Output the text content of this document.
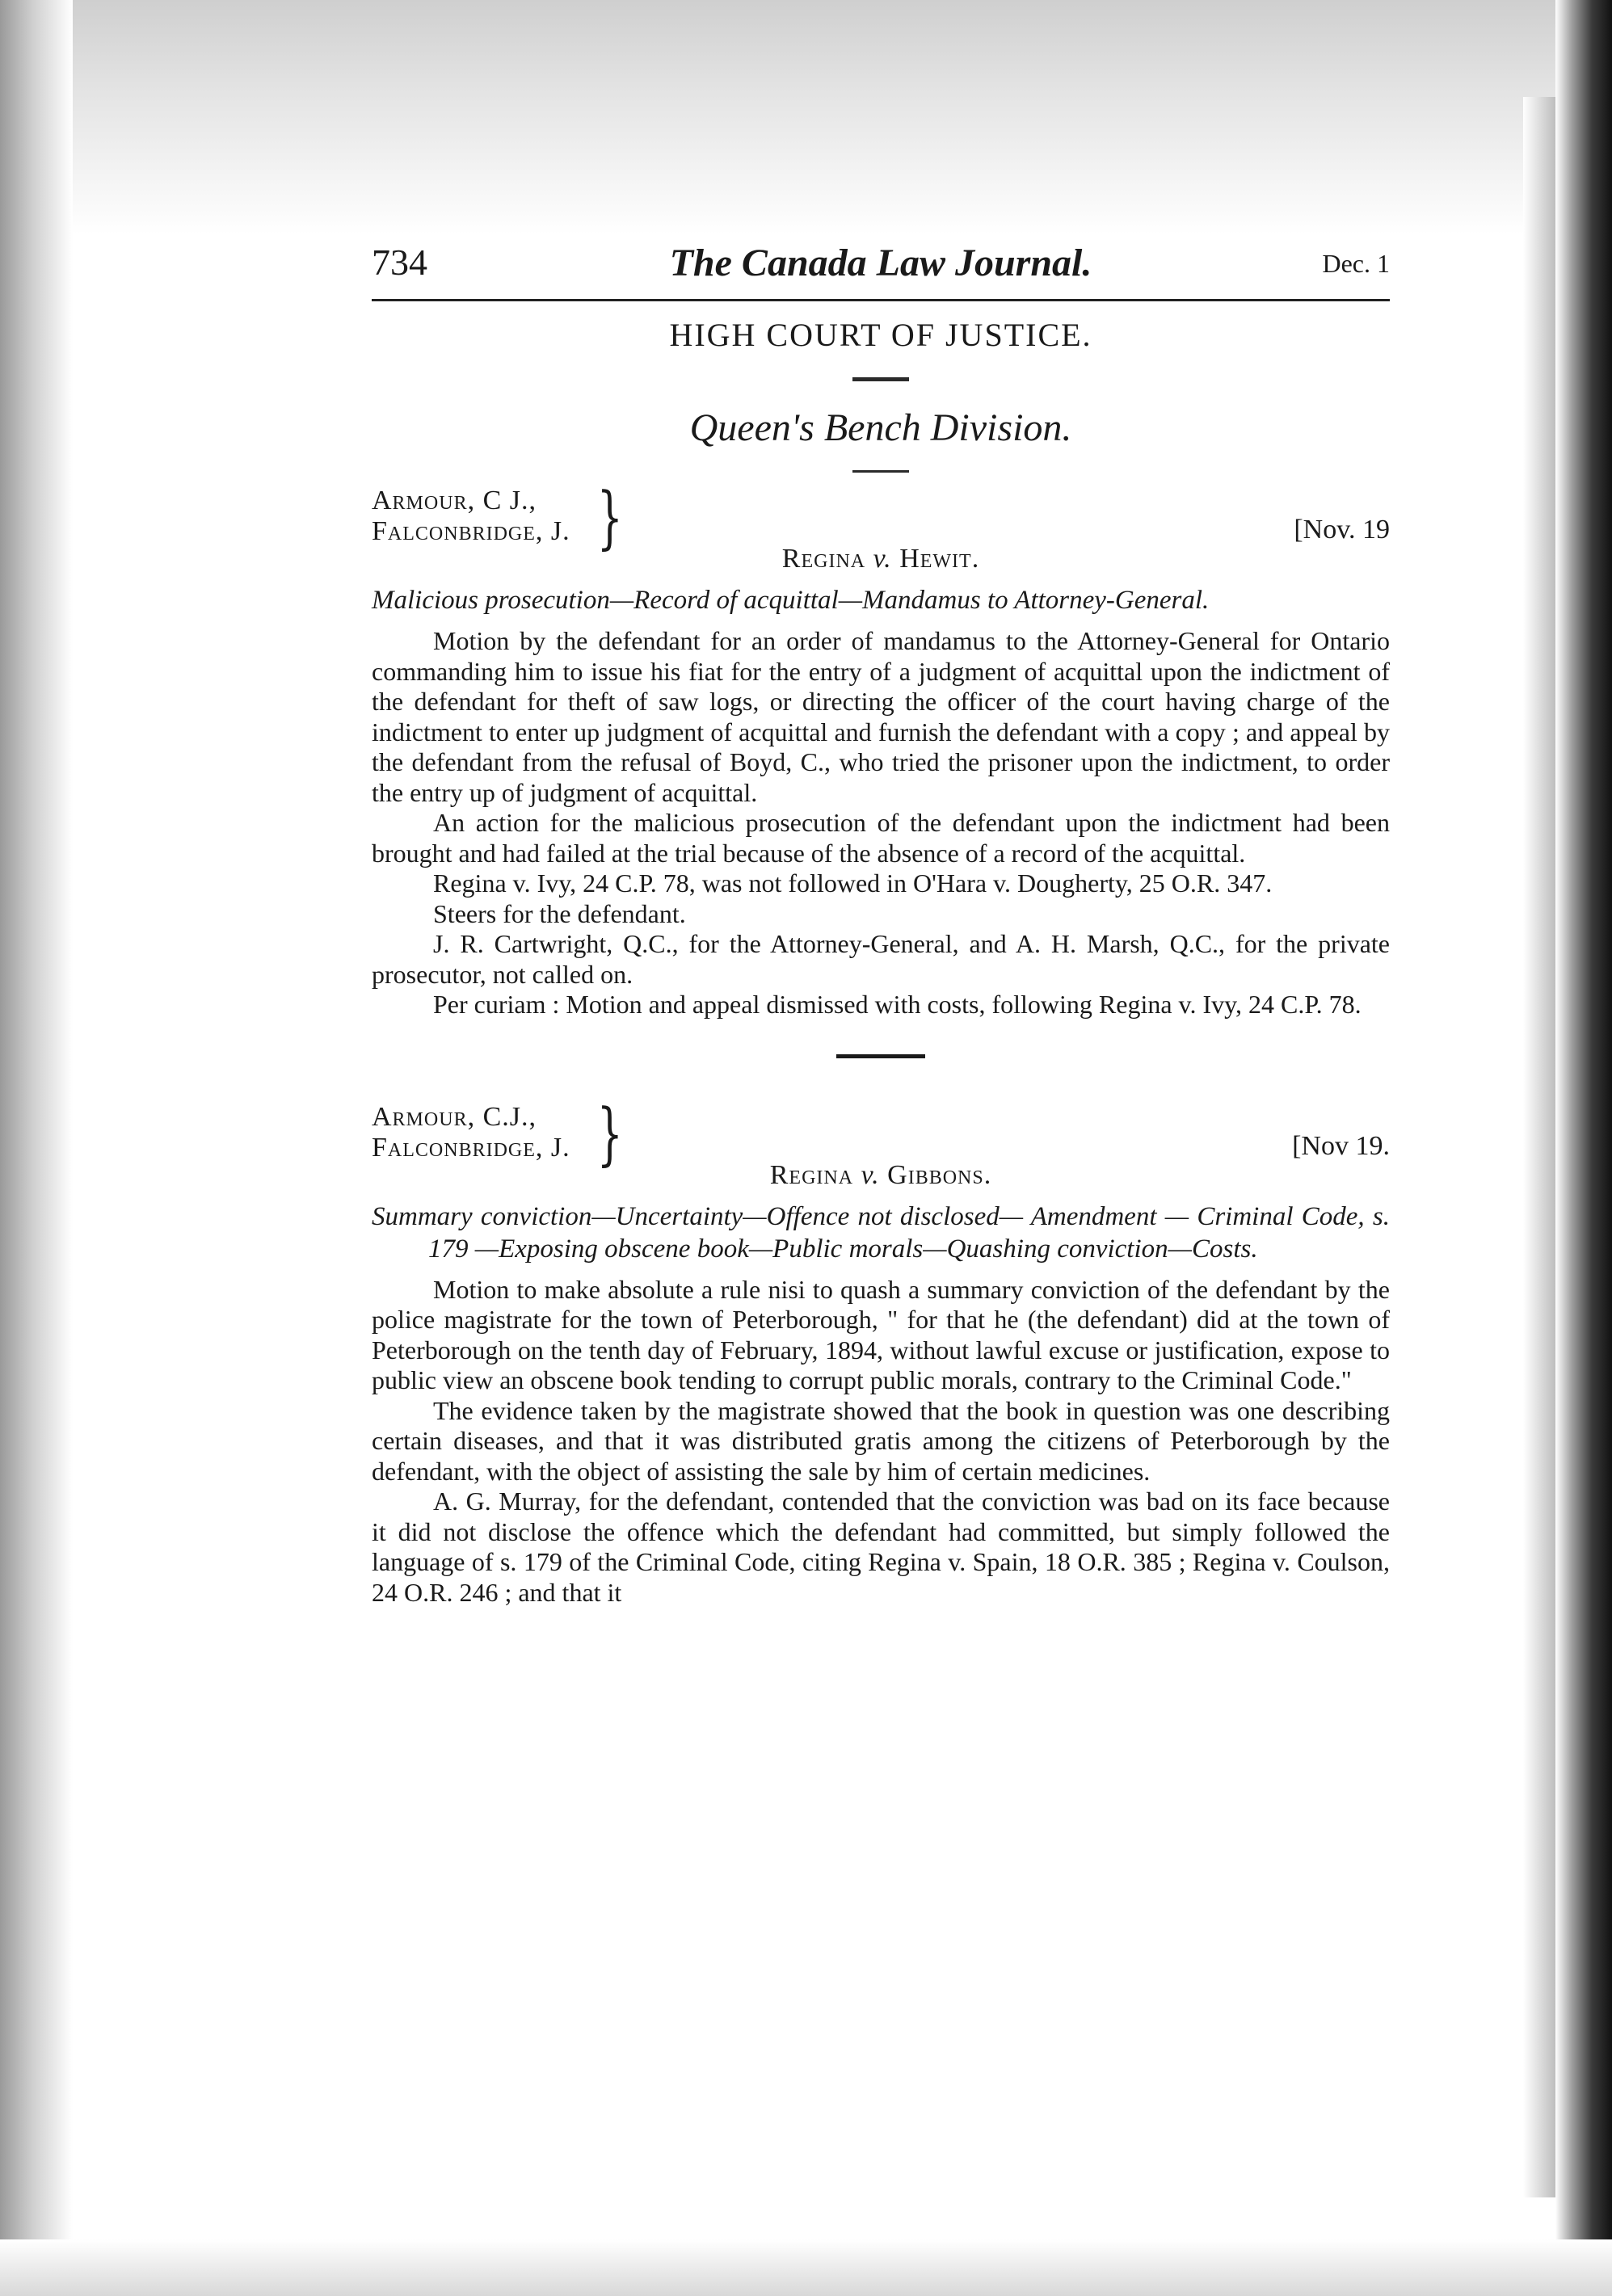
734	The Canada Law Journal.	Dec. 1
HIGH COURT OF JUSTICE.
Queen's Bench Division.
Armour, C J.,
Falconbridge, J. }	[Nov. 19
Regina v. Hewit.
Malicious prosecution—Record of acquittal—Mandamus to Attorney-General.

Motion by the defendant for an order of mandamus to the Attorney-General for Ontario commanding him to issue his fiat for the entry of a judgment of acquittal upon the indictment of the defendant for theft of saw logs, or directing the officer of the court having charge of the indictment to enter up judgment of acquittal and furnish the defendant with a copy ; and appeal by the defendant from the refusal of Boyd, C., who tried the prisoner upon the indictment, to order the entry up of judgment of acquittal.

An action for the malicious prosecution of the defendant upon the indictment had been brought and had failed at the trial because of the absence of a record of the acquittal.

Regina v. Ivy, 24 C.P. 78, was not followed in O'Hara v. Dougherty, 25 O.R. 347.

Steers for the defendant.

J. R. Cartwright, Q.C., for the Attorney-General, and A. H. Marsh, Q.C., for the private prosecutor, not called on.

Per curiam : Motion and appeal dismissed with costs, following Regina v. Ivy, 24 C.P. 78.

Armour, C.J.,
Falconbridge, J. }	[Nov 19.
Regina v. Gibbons.
Summary conviction—Uncertainty—Offence not disclosed— Amendment — Criminal Code, s. 179 —Exposing obscene book—Public morals—Quashing conviction—Costs.

Motion to make absolute a rule nisi to quash a summary conviction of the defendant by the police magistrate for the town of Peterborough, " for that he (the defendant) did at the town of Peterborough on the tenth day of February, 1894, without lawful excuse or justification, expose to public view an obscene book tending to corrupt public morals, contrary to the Criminal Code."

The evidence taken by the magistrate showed that the book in question was one describing certain diseases, and that it was distributed gratis among the citizens of Peterborough by the defendant, with the object of assisting the sale by him of certain medicines.

A. G. Murray, for the defendant, contended that the conviction was bad on its face because it did not disclose the offence which the defendant had committed, but simply followed the language of s. 179 of the Criminal Code, citing Regina v. Spain, 18 O.R. 385 ; Regina v. Coulson, 24 O.R. 246 ; and that it
